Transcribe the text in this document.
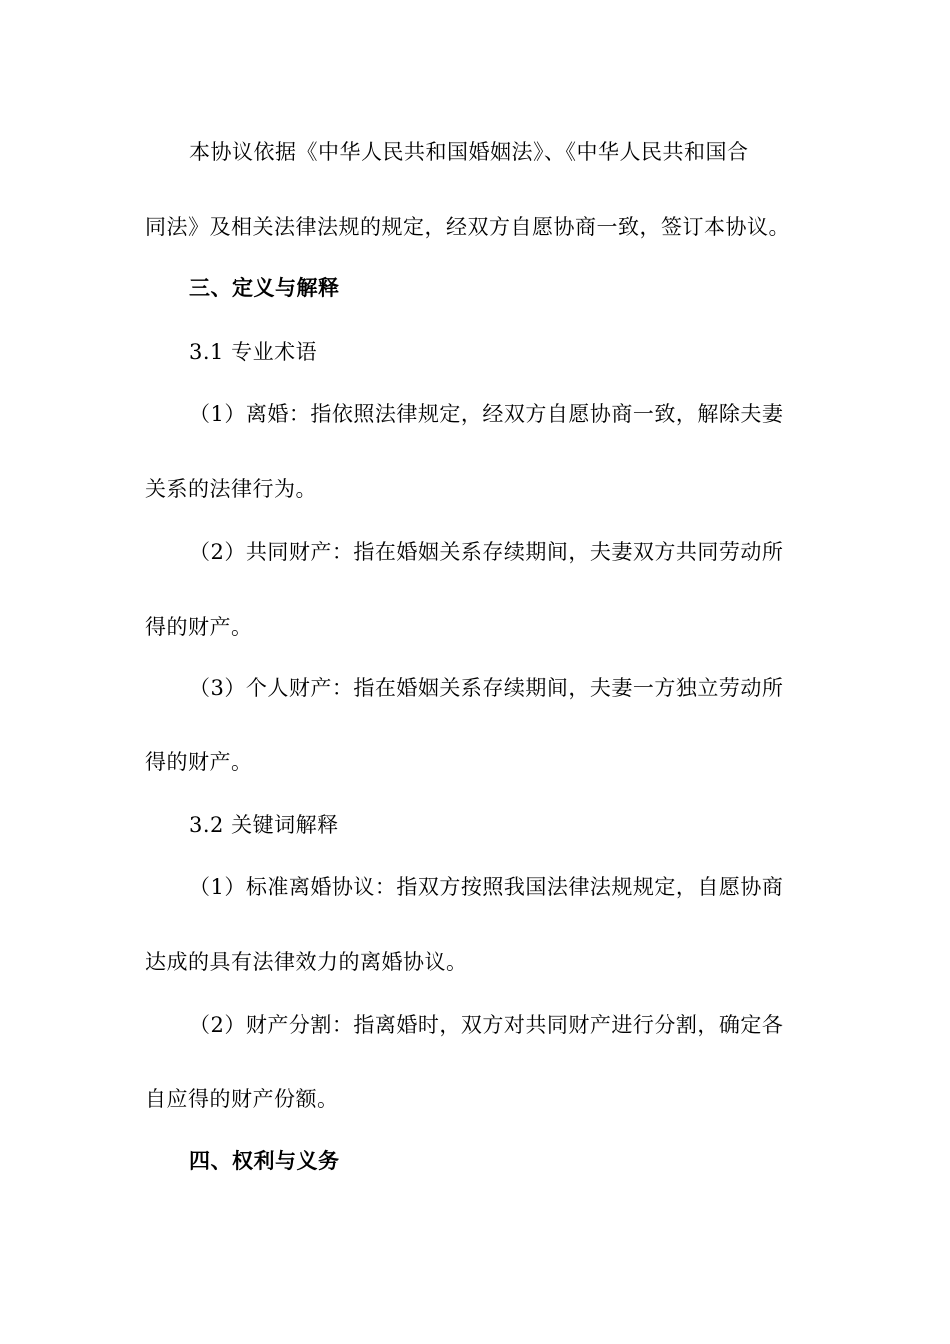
本协议依据《中华人民共和国婚姻法》、《中华人民共和国合
同法》及相关法律法规的规定，经双方自愿协商一致，签订本协议。
三、定义与解释
3.1 专业术语
（1）离婚：指依照法律规定，经双方自愿协商一致，解除夫妻
关系的法律行为。
（2）共同财产：指在婚姻关系存续期间，夫妻双方共同劳动所
得的财产。
（3）个人财产：指在婚姻关系存续期间，夫妻一方独立劳动所
得的财产。
3.2 关键词解释
（1）标准离婚协议：指双方按照我国法律法规规定，自愿协商
达成的具有法律效力的离婚协议。
（2）财产分割：指离婚时，双方对共同财产进行分割，确定各
自应得的财产份额。
四、权利与义务
